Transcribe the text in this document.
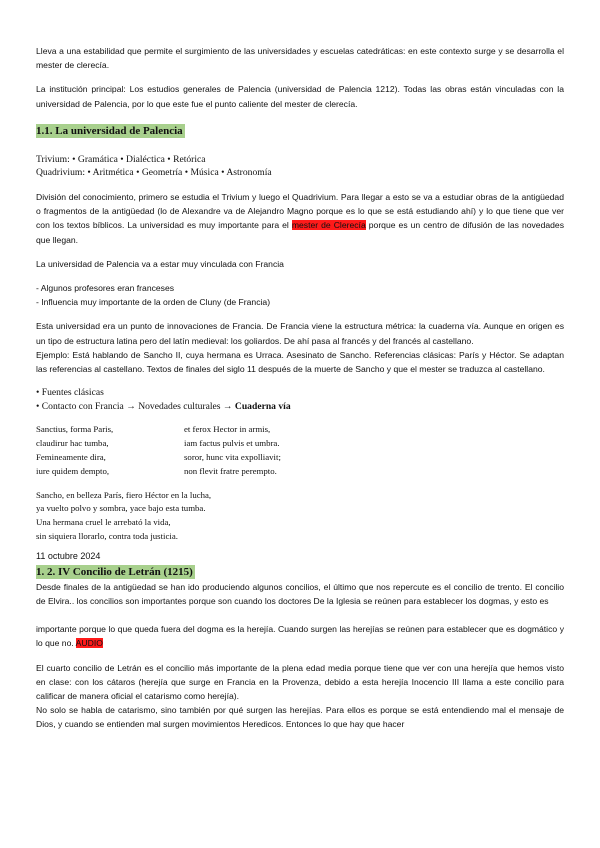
Lleva a una estabilidad que permite el surgimiento de las universidades y escuelas catedráticas: en este contexto surge y se desarrolla el mester de clerecía.

La institución principal: Los estudios generales de Palencia (universidad de Palencia 1212). Todas las obras están vinculadas con la universidad de Palencia, por lo que este fue el punto caliente del mester de clerecía.

1.1. La universidad de Palencia

Trivium: • Gramática • Dialéctica • Retórica

Quadrivium: • Aritmética • Geometría • Música • Astronomía

División del conocimiento, primero se estudia el Trivium y luego el Quadrivium. Para llegar a esto se va a estudiar obras de la antigüedad o fragmentos de la antigüedad (lo de Alexandre va de Alejandro Magno porque es lo que se está estudiando ahí) y lo que tiene que ver con los textos bíblicos. La universidad es muy importante para el mester de Clerecía porque es un centro de difusión de las novedades que llegan.

La universidad de Palencia va a estar muy vinculada con Francia

- Algunos profesores eran franceses

- Influencia muy importante de la orden de Cluny (de Francia)

Esta universidad era un punto de innovaciones de Francia. De Francia viene la estructura métrica: la cuaderna vía. Aunque en origen es un tipo de estructura latina pero del latín medieval: los goliardos. De ahí pasa al francés y del francés al castellano.

Ejemplo: Está hablando de Sancho II, cuya hermana es Urraca. Asesinato de Sancho. Referencias clásicas: París y Héctor. Se adaptan las referencias al castellano. Textos de finales del siglo 11 después de la muerte de Sancho y que el mester se traduzca al castellano.

• Fuentes clásicas

• Contacto con Francia → Novedades culturales → Cuaderna vía

Sanctius, forma Paris,
claudirur hac tumba,
Femineamente dira,
iure quidem dempto,
et ferox Hector in armis,
iam factus pulvis et umbra.
soror, hunc vita expolliavit;
non flevit fratre perempto.
Sancho, en belleza París, fiero Héctor en la lucha,
ya vuelto polvo y sombra, yace bajo esta tumba.
Una hermana cruel le arrebató la vida,
sin siquiera llorarlo, contra toda justicia.

11 octubre 2024

1. 2. IV Concilio de Letrán (1215)

Desde finales de la antigüedad se han ido produciendo algunos concilios, el último que nos repercute es el concilio de trento. El concilio de Elvira.. los concilios son importantes porque son cuando los doctores De la Iglesia se reúnen para establecer los dogmas, y esto es

importante porque lo que queda fuera del dogma es la herejía. Cuando surgen las herejías se reúnen para establecer que es dogmático y lo que no. AUDIO

El cuarto concilio de Letrán es el concilio más importante de la plena edad media porque tiene que ver con una herejía que hemos visto en clase: con los cátaros (herejía que surge en Francia en la Provenza, debido a esta herejía Inocencio III llama a este concilio para calificar de manera oficial el catarismo como herejía).

No solo se habla de catarismo, sino también por qué surgen las herejías. Para ellos es porque se está entendiendo mal el mensaje de Dios, y cuando se entienden mal surgen movimientos Heredicos. Entonces lo que hay que hacer
